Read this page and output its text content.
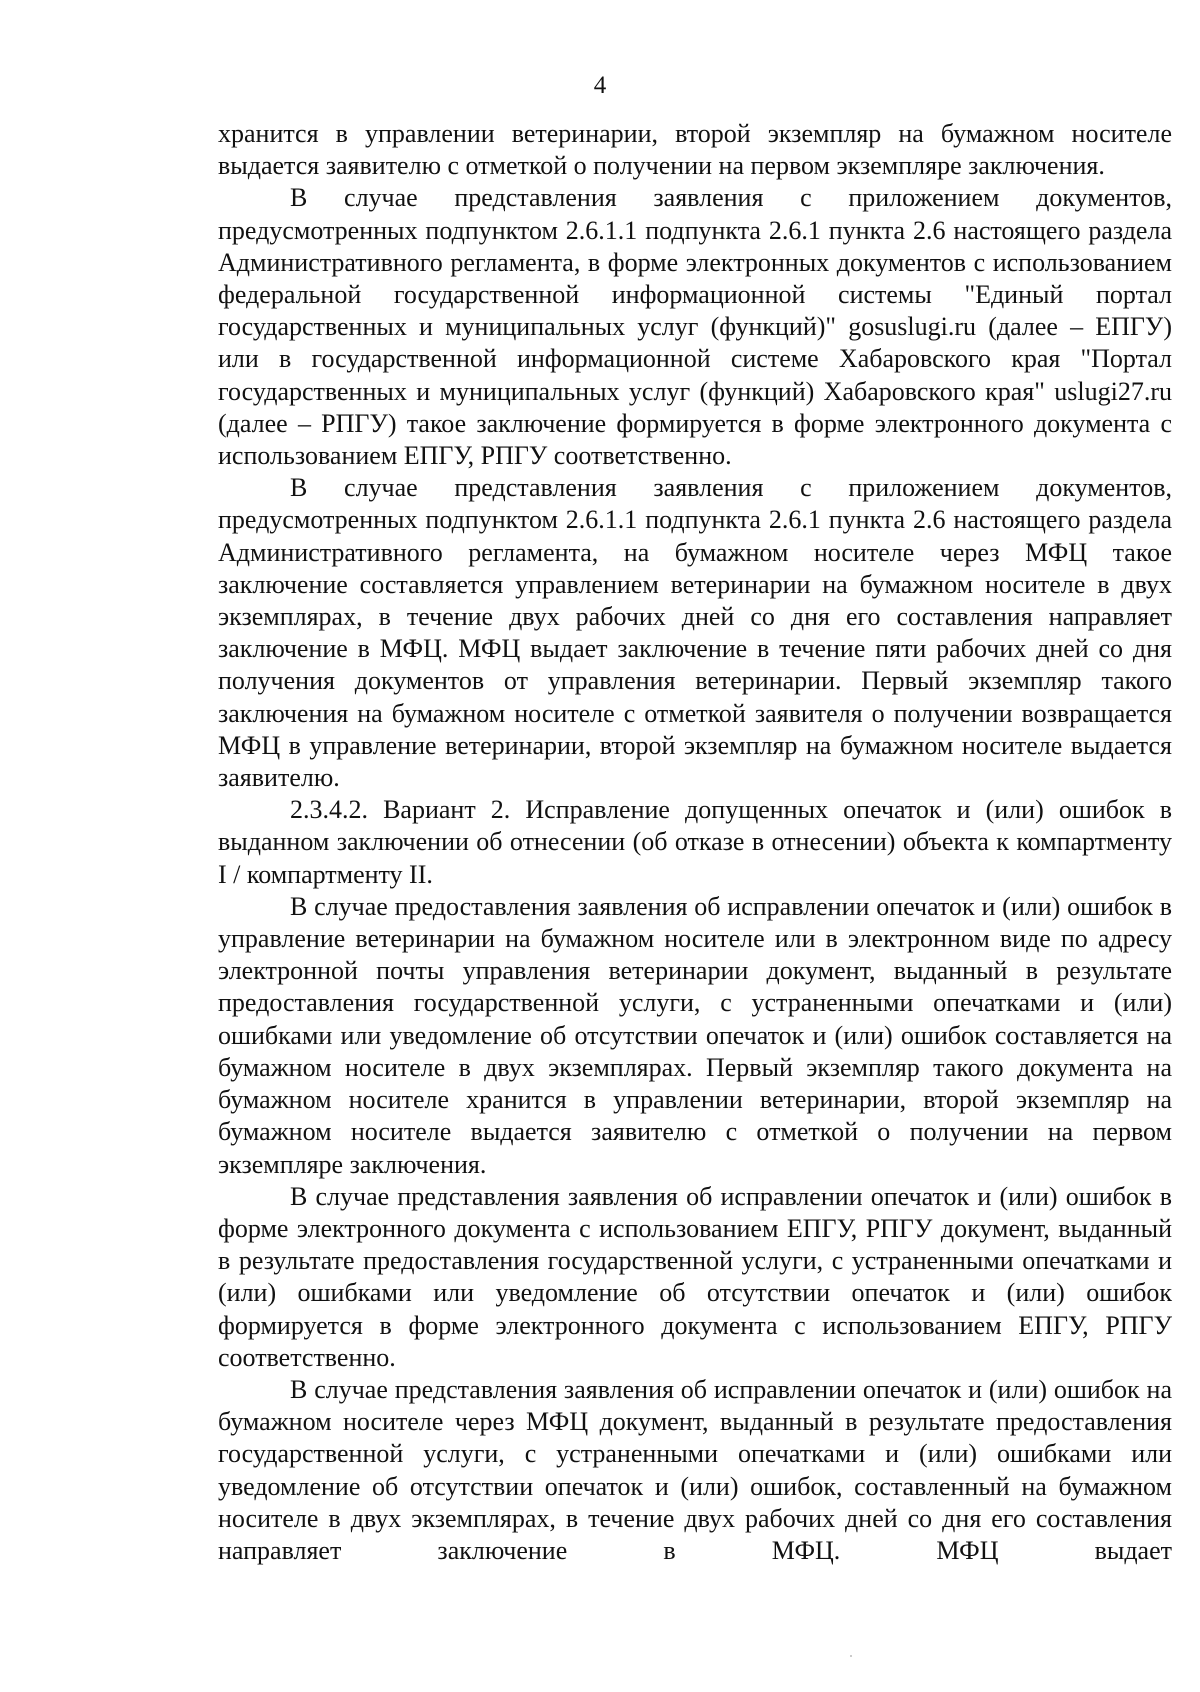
4

хранится в управлении ветеринарии, второй экземпляр на бумажном носителе выдается заявителю с отметкой о получении на первом экземпляре заключения.

В случае представления заявления с приложением документов, предусмотренных подпунктом 2.6.1.1 подпункта 2.6.1 пункта 2.6 настоящего раздела Административного регламента, в форме электронных документов с использованием федеральной государственной информационной системы "Единый портал государственных и муниципальных услуг (функций)" gosuslugi.ru (далее – ЕПГУ) или в государственной информационной системе Хабаровского края "Портал государственных и муниципальных услуг (функций) Хабаровского края" uslugi27.ru (далее – РПГУ) такое заключение формируется в форме электронного документа с использованием ЕПГУ, РПГУ соответственно.

В случае представления заявления с приложением документов, предусмотренных подпунктом 2.6.1.1 подпункта 2.6.1 пункта 2.6 настоящего раздела Административного регламента, на бумажном носителе через МФЦ такое заключение составляется управлением ветеринарии на бумажном носителе в двух экземплярах, в течение двух рабочих дней со дня его составления направляет заключение в МФЦ. МФЦ выдает заключение в течение пяти рабочих дней со дня получения документов от управления ветеринарии. Первый экземпляр такого заключения на бумажном носителе с отметкой заявителя о получении возвращается МФЦ в управление ветеринарии, второй экземпляр на бумажном носителе выдается заявителю.

2.3.4.2. Вариант 2. Исправление допущенных опечаток и (или) ошибок в выданном заключении об отнесении (об отказе в отнесении) объекта к компартменту I / компартменту II.

В случае предоставления заявления об исправлении опечаток и (или) ошибок в управление ветеринарии на бумажном носителе или в электронном виде по адресу электронной почты управления ветеринарии документ, выданный в результате предоставления государственной услуги, с устраненными опечатками и (или) ошибками или уведомление об отсутствии опечаток и (или) ошибок составляется на бумажном носителе в двух экземплярах. Первый экземпляр такого документа на бумажном носителе хранится в управлении ветеринарии, второй экземпляр на бумажном носителе выдается заявителю с отметкой о получении на первом экземпляре заключения.

В случае представления заявления об исправлении опечаток и (или) ошибок в форме электронного документа с использованием ЕПГУ, РПГУ документ, выданный в результате предоставления государственной услуги, с устраненными опечатками и (или) ошибками или уведомление об отсутствии опечаток и (или) ошибок формируется в форме электронного документа с использованием ЕПГУ, РПГУ соответственно.

В случае представления заявления об исправлении опечаток и (или) ошибок на бумажном носителе через МФЦ документ, выданный в результате предоставления государственной услуги, с устраненными опечатками и (или) ошибками или уведомление об отсутствии опечаток и (или) ошибок, составленный на бумажном носителе в двух экземплярах, в течение двух рабочих дней со дня его составления направляет заключение в МФЦ. МФЦ выдает
